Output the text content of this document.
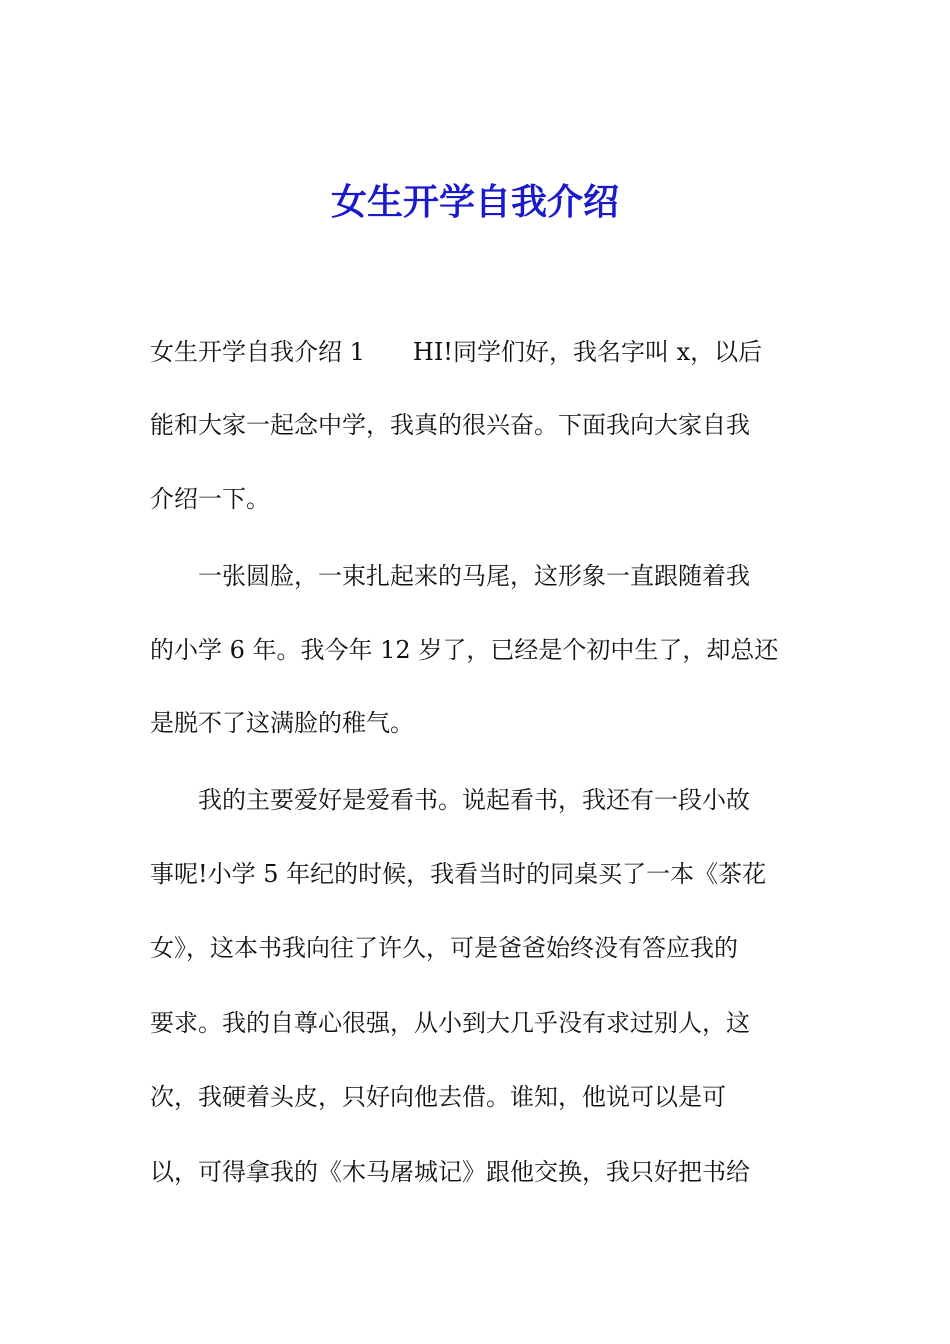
女生开学自我介绍
女生开学自我介绍 1　　HI!同学们好，我名字叫 x，以后
能和大家一起念中学，我真的很兴奋。下面我向大家自我
介绍一下。
　　一张圆脸，一束扎起来的马尾，这形象一直跟随着我
的小学 6 年。我今年 12 岁了，已经是个初中生了，却总还
是脱不了这满脸的稚气。
　　我的主要爱好是爱看书。说起看书，我还有一段小故
事呢!小学 5 年纪的时候，我看当时的同桌买了一本《茶花
女》，这本书我向往了许久，可是爸爸始终没有答应我的
要求。我的自尊心很强，从小到大几乎没有求过别人，这
次，我硬着头皮，只好向他去借。谁知，他说可以是可
以，可得拿我的《木马屠城记》跟他交换，我只好把书给
